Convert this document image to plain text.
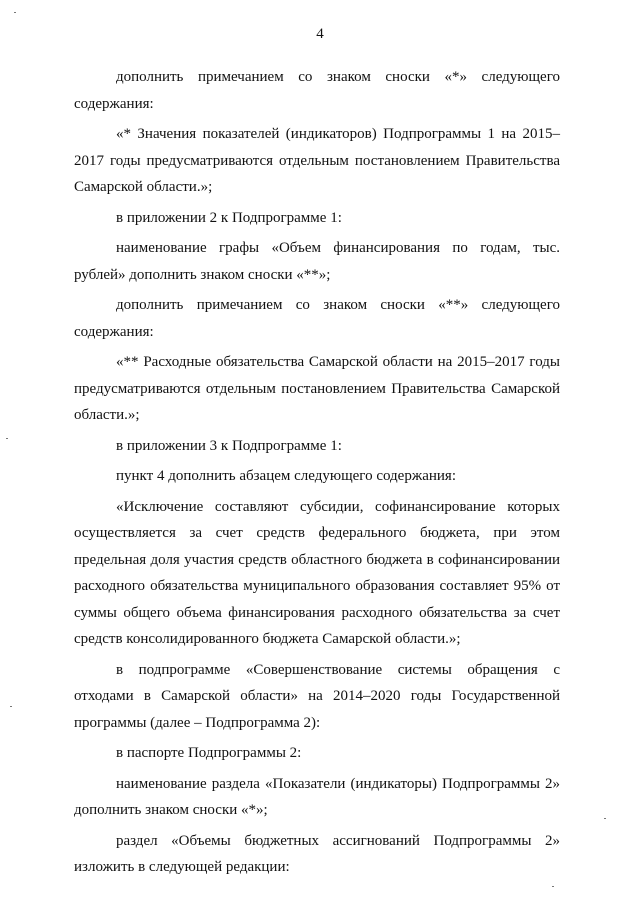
4

дополнить примечанием со знаком сноски «*» следующего содержания:

«* Значения показателей (индикаторов) Подпрограммы 1 на 2015–2017 годы предусматриваются отдельным постановлением Правительства Самарской области.»;

в приложении 2 к Подпрограмме 1:

наименование графы «Объем финансирования по годам, тыс. рублей» дополнить знаком сноски «**»;

дополнить примечанием со знаком сноски «**» следующего содержания:

«** Расходные обязательства Самарской области на 2015–2017 годы предусматриваются отдельным постановлением Правительства Самарской области.»;

в приложении 3 к Подпрограмме 1:

пункт 4 дополнить абзацем следующего содержания:

«Исключение составляют субсидии, софинансирование которых осуществляется за счет средств федерального бюджета, при этом предельная доля участия средств областного бюджета в софинансировании расходного обязательства муниципального образования составляет 95% от суммы общего объема финансирования расходного обязательства за счет средств консолидированного бюджета Самарской области.»;

в подпрограмме «Совершенствование системы обращения с отходами в Самарской области» на 2014–2020 годы Государственной программы (далее – Подпрограмма 2):

в паспорте Подпрограммы 2:

наименование раздела «Показатели (индикаторы) Подпрограммы 2» дополнить знаком сноски «*»;

раздел «Объемы бюджетных ассигнований Подпрограммы 2» изложить в следующей редакции:
